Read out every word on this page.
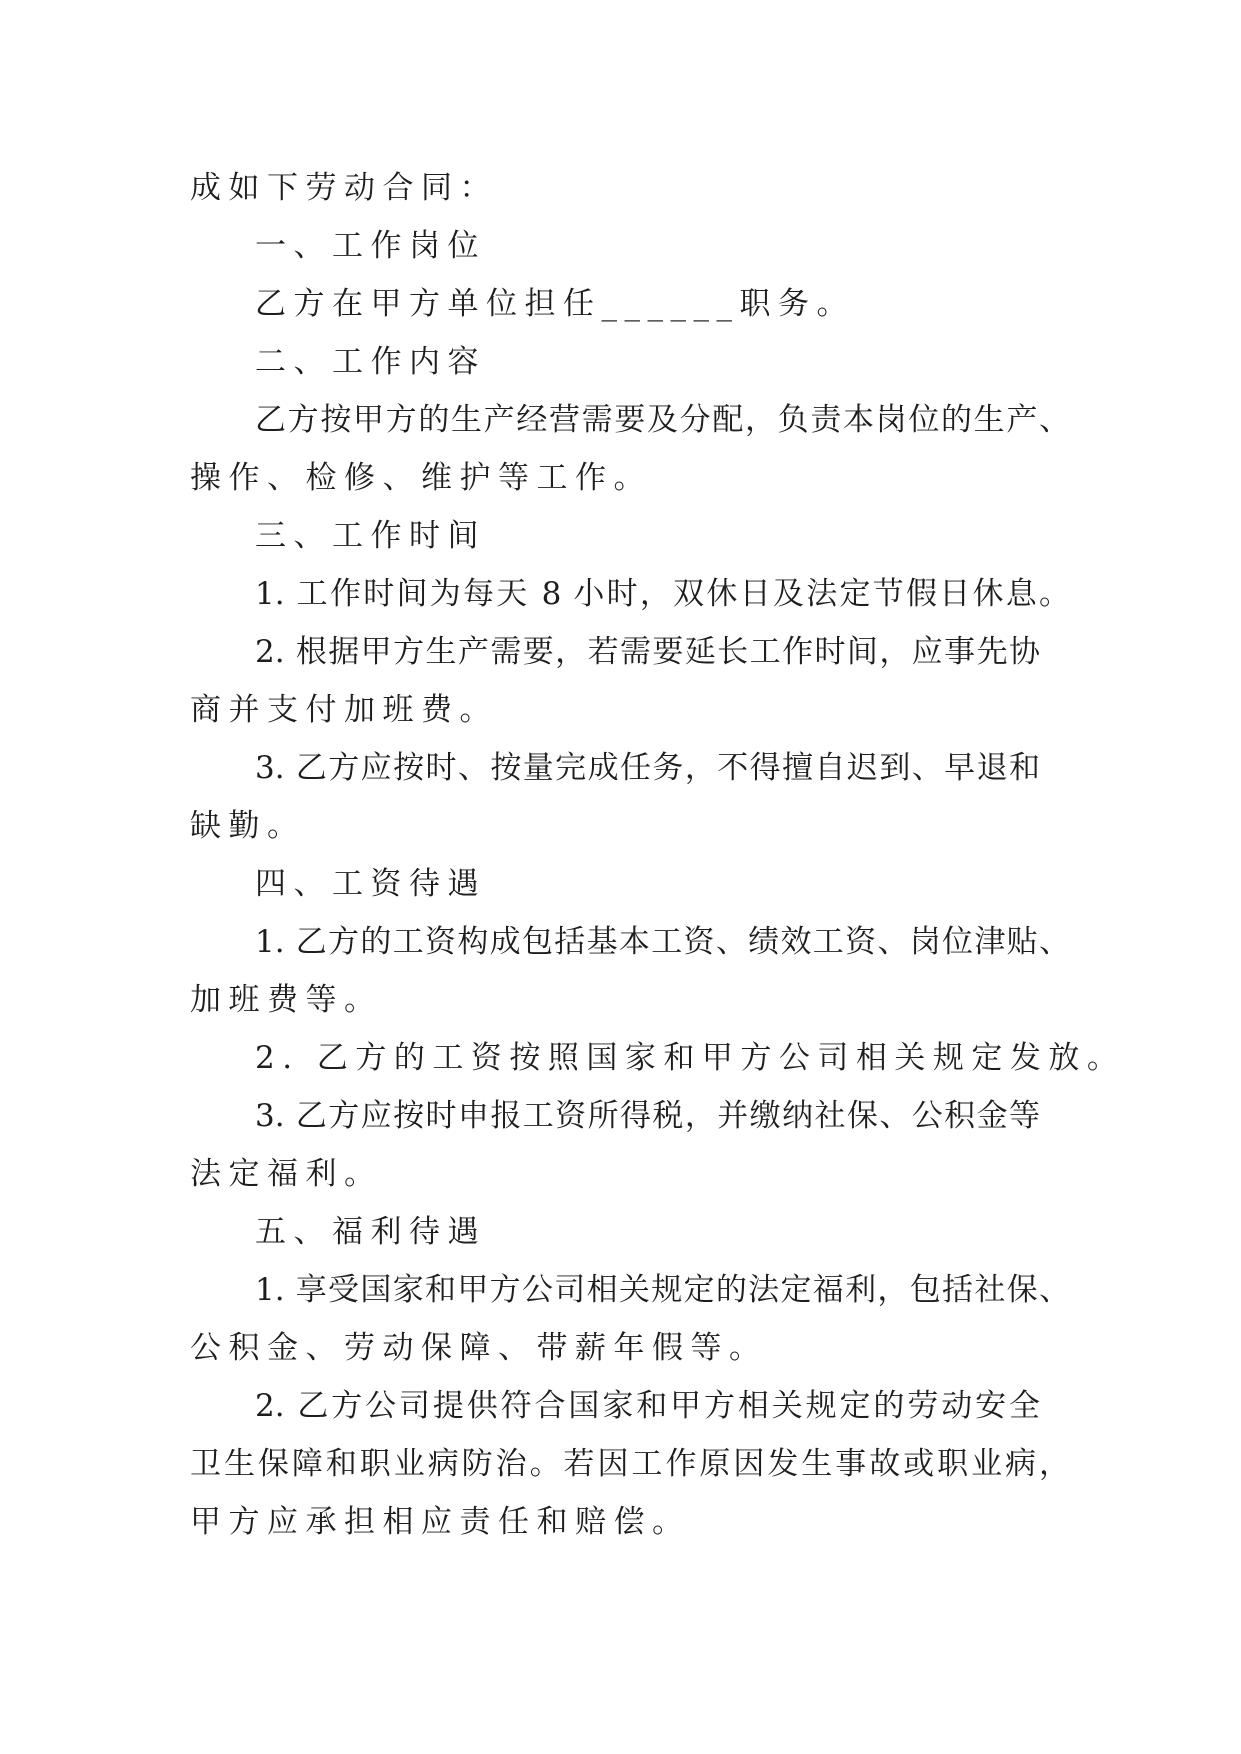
成如下劳动合同：
一、工作岗位
乙方在甲方单位担任______职务。
二、工作内容
乙方按甲方的生产经营需要及分配，负责本岗位的生产、
操作、检修、维护等工作。
三、工作时间
1. 工作时间为每天 8 小时，双休日及法定节假日休息。
2. 根据甲方生产需要，若需要延长工作时间，应事先协
商并支付加班费。
3. 乙方应按时、按量完成任务，不得擅自迟到、早退和
缺勤。
四、工资待遇
1. 乙方的工资构成包括基本工资、绩效工资、岗位津贴、
加班费等。
2. 乙方的工资按照国家和甲方公司相关规定发放。
3. 乙方应按时申报工资所得税，并缴纳社保、公积金等
法定福利。
五、福利待遇
1. 享受国家和甲方公司相关规定的法定福利，包括社保、
公积金、劳动保障、带薪年假等。
2. 乙方公司提供符合国家和甲方相关规定的劳动安全
卫生保障和职业病防治。若因工作原因发生事故或职业病，
甲方应承担相应责任和赔偿。
